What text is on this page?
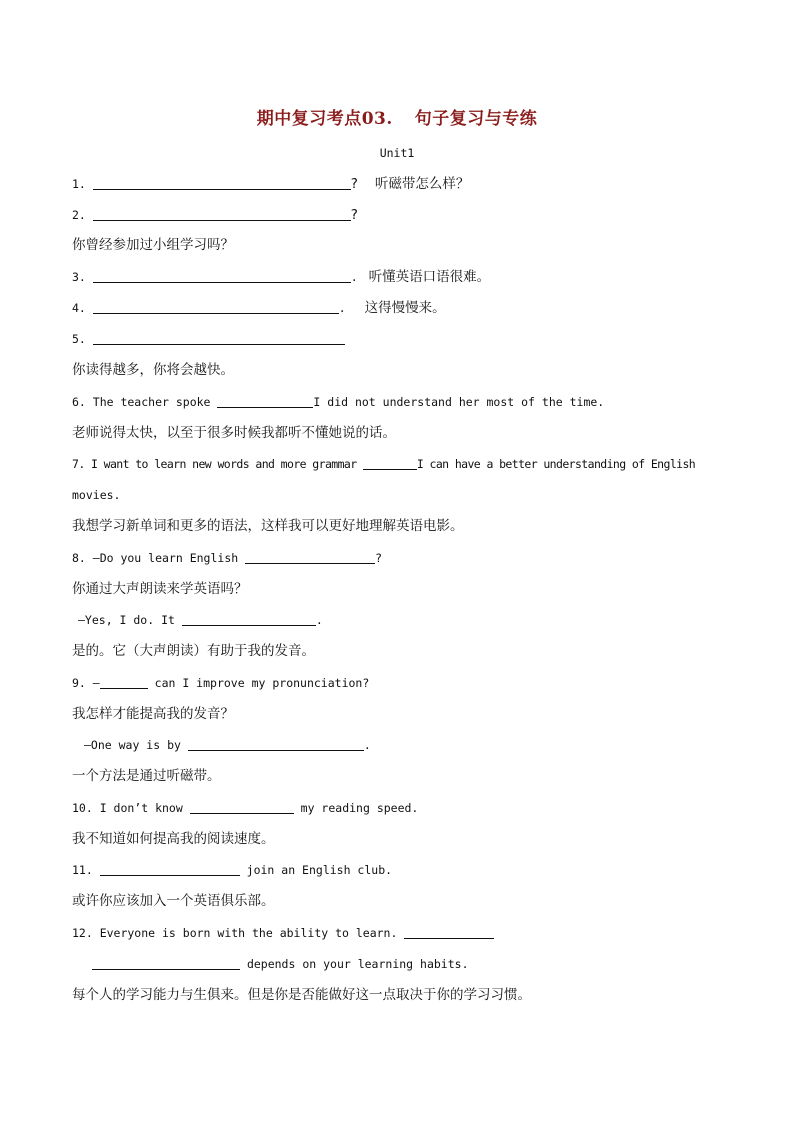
期中复习考点03. 句子复习与专练
Unit1
1.	? 听磁带怎么样？
2.	?
你曾经参加过小组学习吗？
3.	. 听懂英语口语很难。
4.	. 这得慢慢来。
5.
你读得越多，你将会越快。
6. The teacher spoke	I did not understand her most of the time.
老师说得太快，以至于很多时候我都听不懂她说的话。
7. I want to learn new words and more grammar	I can have a better understanding of English
movies.
我想学习新单词和更多的语法，这样我可以更好地理解英语电影。
8. —Do you learn English	?
你通过大声朗读来学英语吗？
—Yes, I do. It	.
是的。它（大声朗读）有助于我的发音。
9. —	can I improve my pronunciation?
我怎样才能提高我的发音？
—One way is by	.
一个方法是通过听磁带。
10. I don’t know	my reading speed.
我不知道如何提高我的阅读速度。
11.	join an English club.
或许你应该加入一个英语俱乐部。
12. Everyone is born with the ability to learn.
depends on your learning habits.
每个人的学习能力与生俱来。但是你是否能做好这一点取决于你的学习习惯。
